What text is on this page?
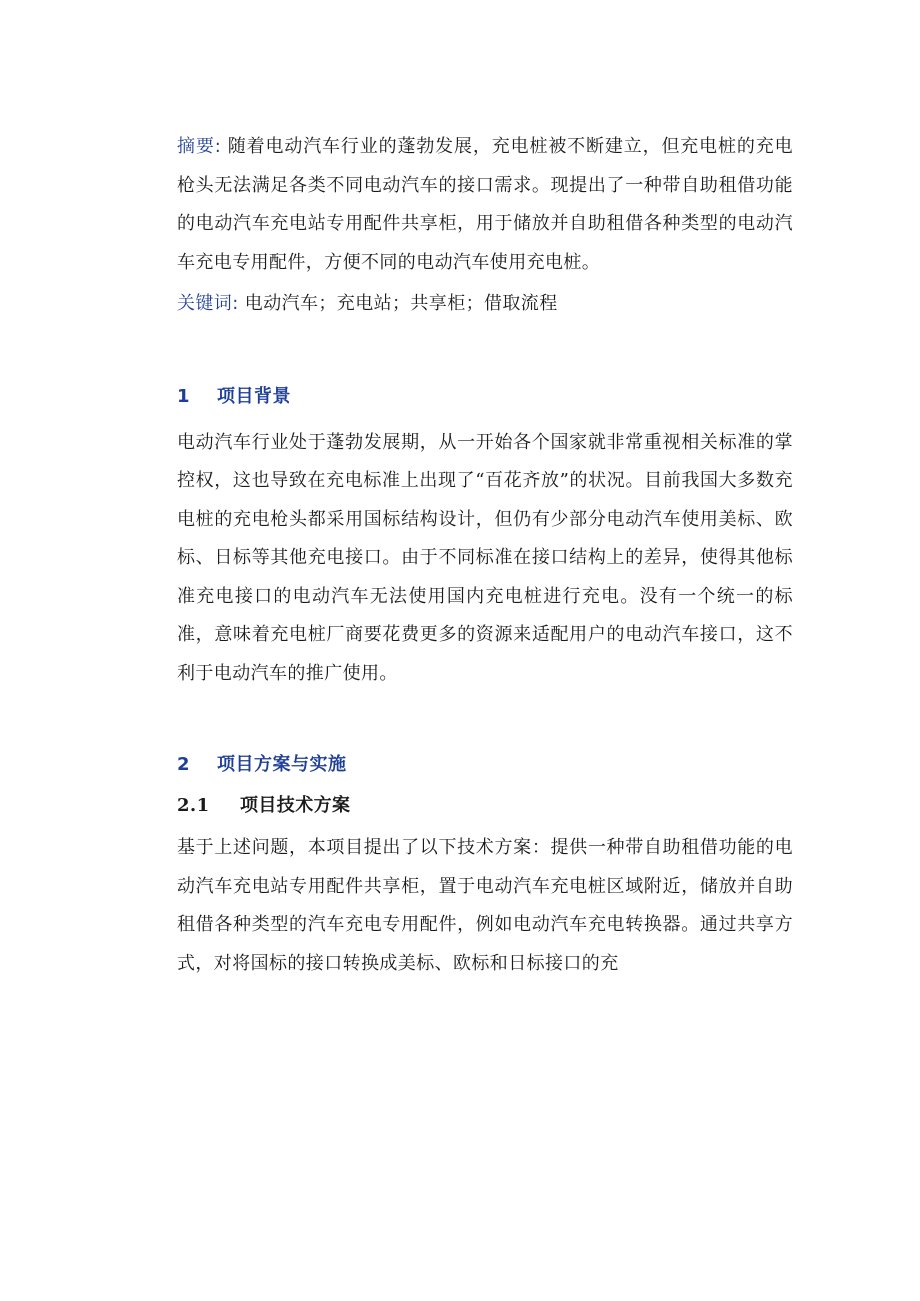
摘要: 随着电动汽车行业的蓬勃发展，充电桩被不断建立，但充电桩的充电枪头无法满足各类不同电动汽车的接口需求。现提出了一种带自助租借功能的电动汽车充电站专用配件共享柜，用于储放并自助租借各种类型的电动汽车充电专用配件，方便不同的电动汽车使用充电桩。

关键词: 电动汽车；充电站；共享柜；借取流程

1	项目背景

电动汽车行业处于蓬勃发展期，从一开始各个国家就非常重视相关标准的掌控权，这也导致在充电标准上出现了“百花齐放”的状况。目前我国大多数充电桩的充电枪头都采用国标结构设计，但仍有少部分电动汽车使用美标、欧标、日标等其他充电接口。由于不同标准在接口结构上的差异，使得其他标准充电接口的电动汽车无法使用国内充电桩进行充电。没有一个统一的标准，意味着充电桩厂商要花费更多的资源来适配用户的电动汽车接口，这不利于电动汽车的推广使用。

2	项目方案与实施
2.1	项目技术方案

基于上述问题，本项目提出了以下技术方案：提供一种带自助租借功能的电动汽车充电站专用配件共享柜，置于电动汽车充电桩区域附近，储放并自助租借各种类型的汽车充电专用配件，例如电动汽车充电转换器。通过共享方式，对将国标的接口转换成美标、欧标和日标接口的充
